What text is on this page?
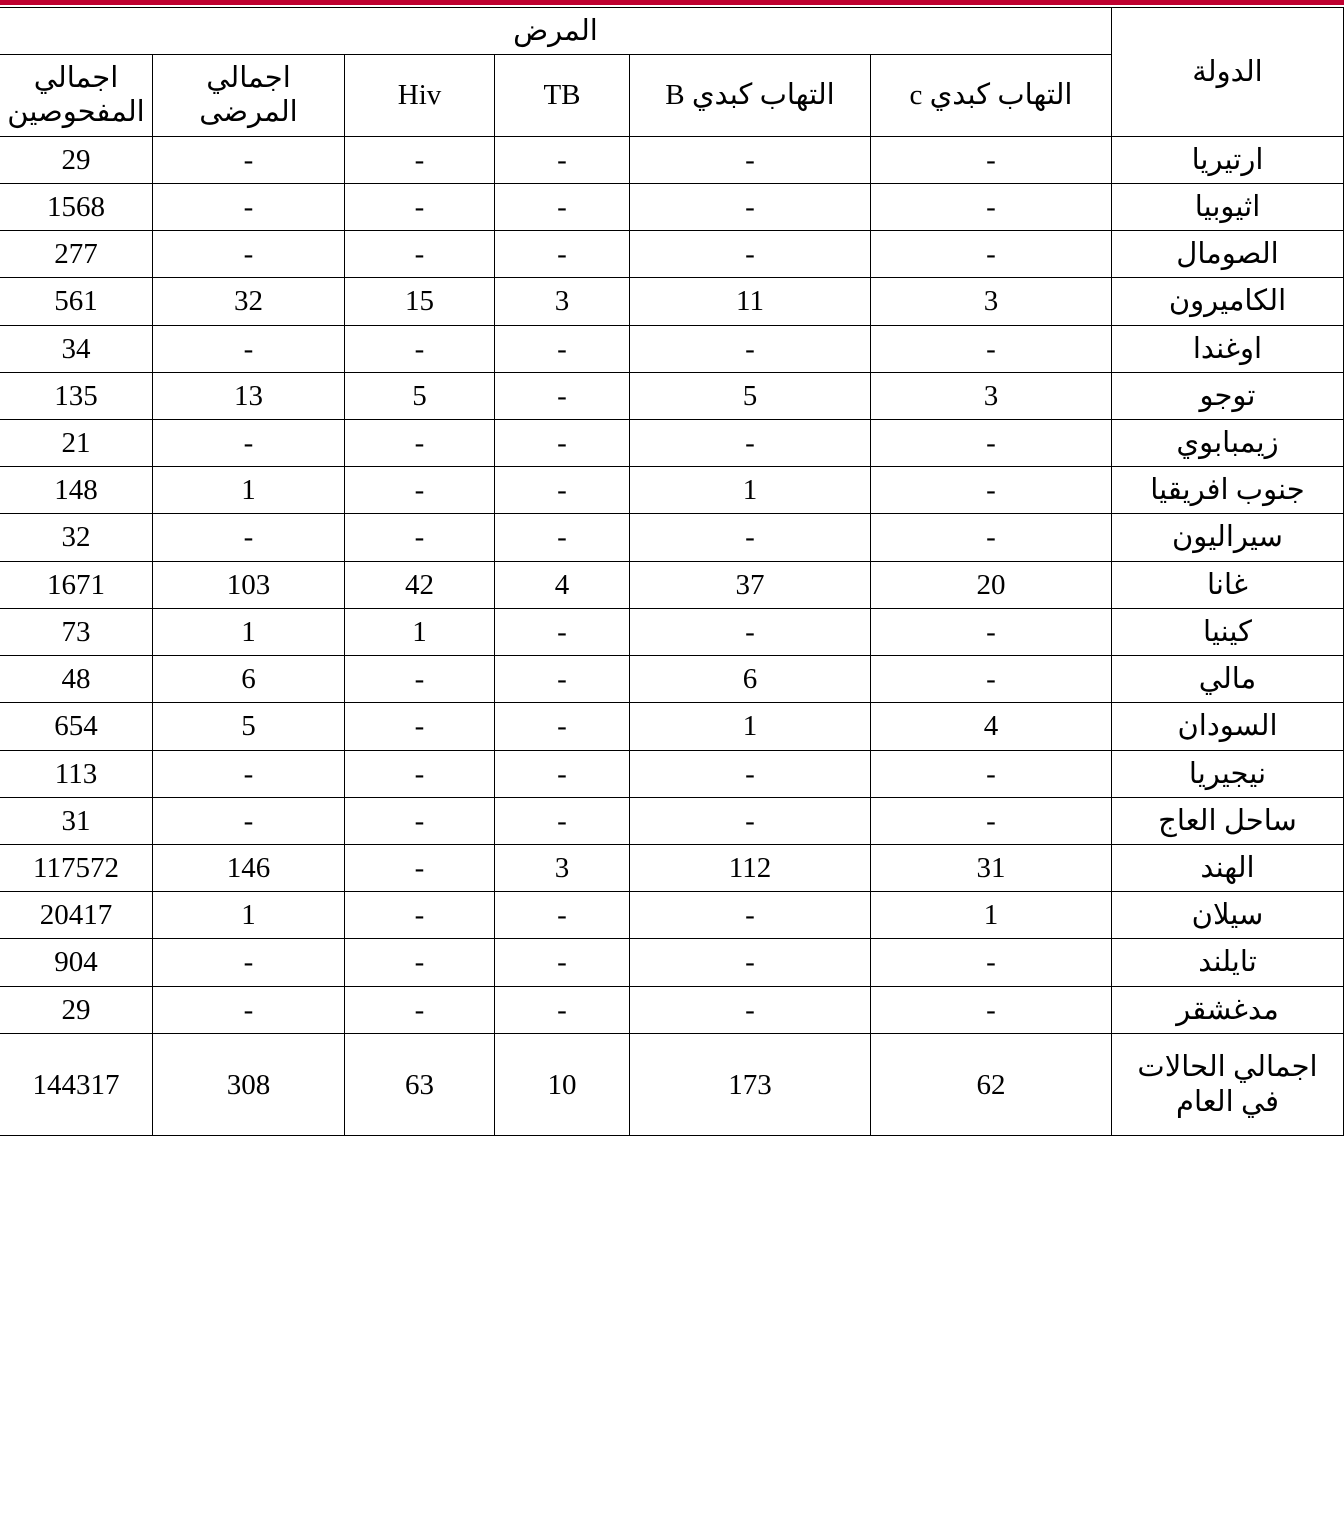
الدولة	المرض					
	التهاب كبدي c	التهاب كبدي B	TB	Hiv	اجمالي المرضى	اجمالي المفحوصين
ارتيريا	-	-	-	-	-	29
اثيوبيا	-	-	-	-	-	1568
الصومال	-	-	-	-	-	277
الكاميرون	3	11	3	15	32	561
اوغندا	-	-	-	-	-	34
توجو	3	5	-	5	13	135
زيمبابوي	-	-	-	-	-	21
جنوب افريقيا	-	1	-	-	1	148
سيراليون	-	-	-	-	-	32
غانا	20	37	4	42	103	1671
كينيا	-	-	-	1	1	73
مالي	-	6	-	-	6	48
السودان	4	1	-	-	5	654
نيجيريا	-	-	-	-	-	113
ساحل العاج	-	-	-	-	-	31
الهند	31	112	3	-	146	117572
سيلان	1	-	-	-	1	20417
تايلند	-	-	-	-	-	904
مدغشقر	-	-	-	-	-	29
اجمالي الحالات في العام	62	173	10	63	308	144317
